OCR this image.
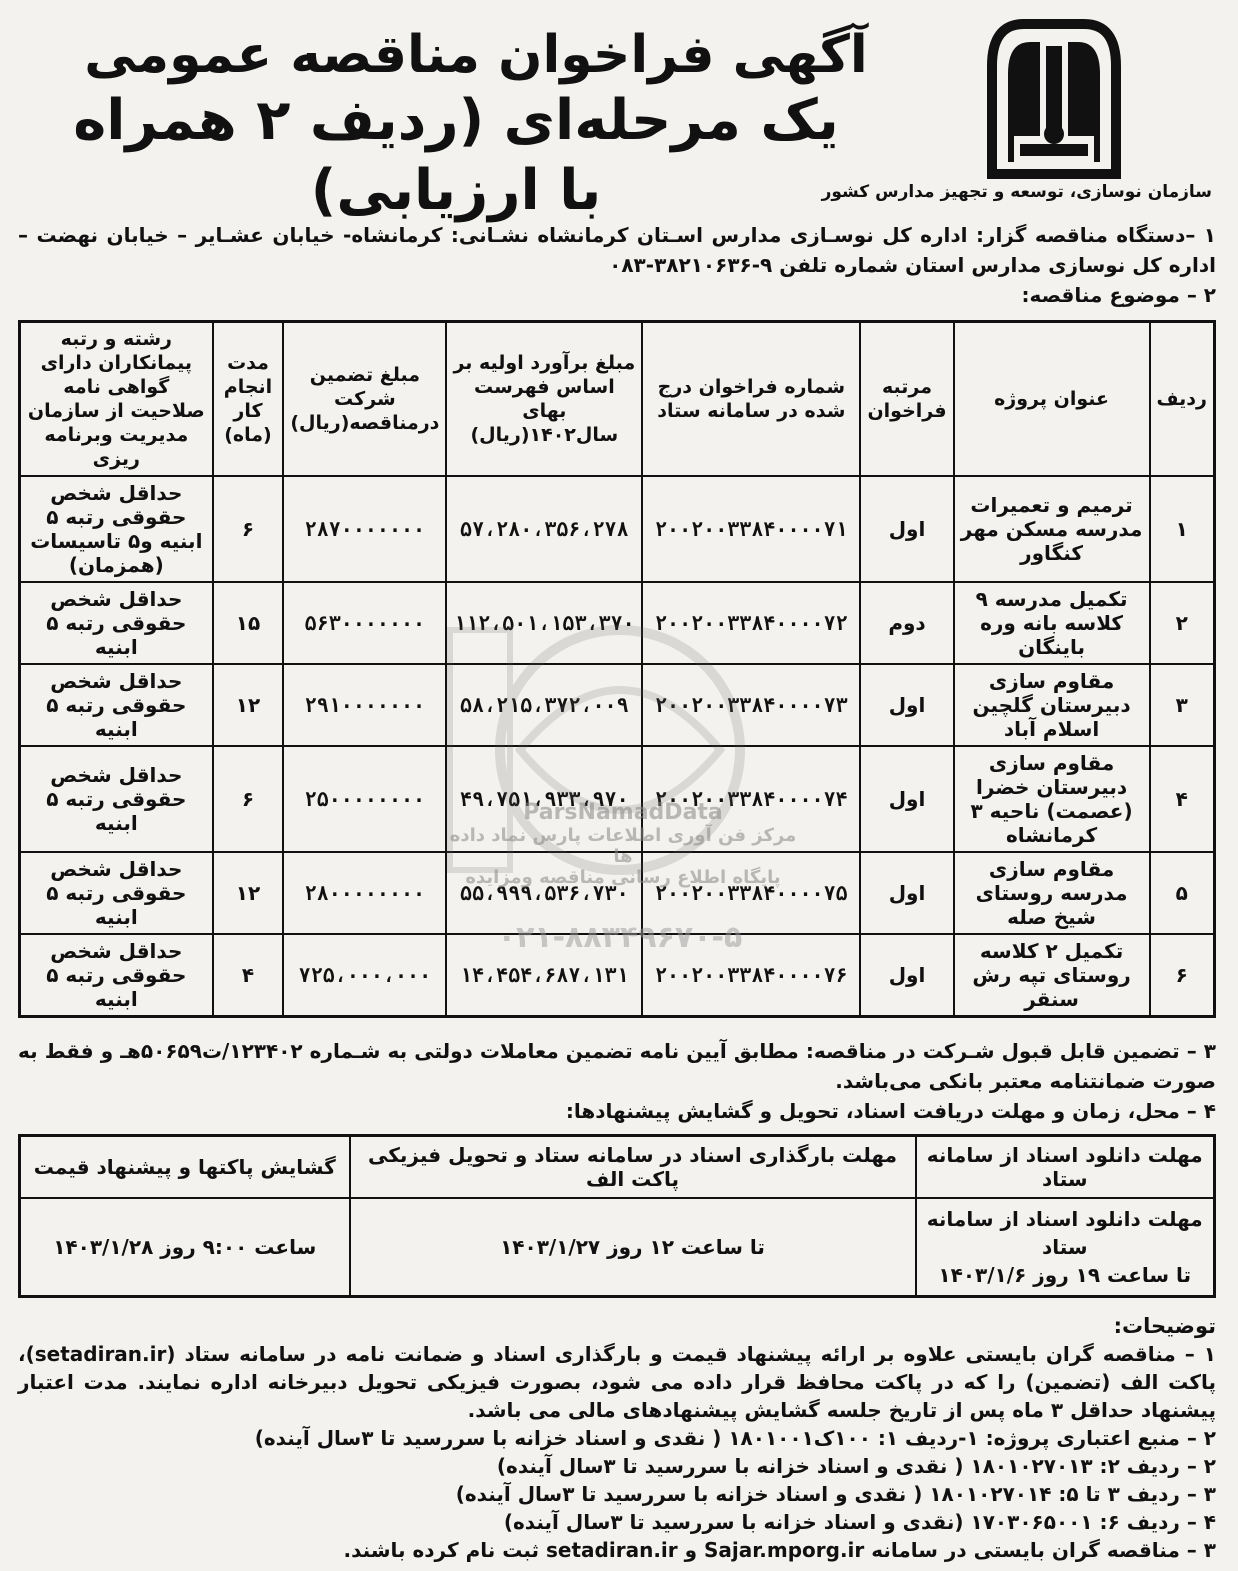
آگهی فراخوان مناقصه عمومی
یک مرحله‌ای (ردیف ۲ همراه با ارزیابی)	سازمان نوسازی، توسعه و تجهیز مدارس کشور
۱ –دستگاه مناقصه گزار: اداره کل نوسـازی مدارس اسـتان کرمانشاه نشـانی: کرمانشاه- خیابان عشـایر – خیابان نهضت – اداره کل نوسازی مدارس استان شماره تلفن ۹-۳۸۲۱۰۶۳۶-۰۸۳
۲ – موضوع مناقصه:
ردیف	عنوان پروژه	مرتبه فراخوان	شماره فراخوان درج شده در سامانه ستاد	مبلغ برآورد اولیه بر اساس فهرست بهای سال۱۴۰۲(ریال)	مبلغ تضمین شرکت درمناقصه(ریال)	مدت انجام کار (ماه)	رشته و رتبه پیمانکاران دارای گواهی نامه صلاحیت از سازمان مدیریت وبرنامه ریزی
۱	ترمیم و تعمیرات مدرسه مسکن مهر کنگاور	اول	۲۰۰۲۰۰۳۳۸۴۰۰۰۰۷۱	۵۷،۲۸۰،۳۵۶،۲۷۸	۲۸۷۰۰۰۰۰۰۰	۶	حداقل شخص حقوقی رتبه ۵ ابنیه و۵ تاسیسات (همزمان)
۲	تکمیل مدرسه ۹ کلاسه بانه وره باینگان	دوم	۲۰۰۲۰۰۳۳۸۴۰۰۰۰۷۲	۱۱۲،۵۰۱،۱۵۳،۳۷۰	۵۶۳۰۰۰۰۰۰۰	۱۵	حداقل شخص حقوقی رتبه ۵ ابنیه
۳	مقاوم سازی دبیرستان گلچین اسلام آباد	اول	۲۰۰۲۰۰۳۳۸۴۰۰۰۰۷۳	۵۸،۲۱۵،۳۷۲،۰۰۹	۲۹۱۰۰۰۰۰۰۰	۱۲	حداقل شخص حقوقی رتبه ۵ ابنیه
۴	مقاوم سازی دبیرستان خضرا (عصمت) ناحیه ۳ کرمانشاه	اول	۲۰۰۲۰۰۳۳۸۴۰۰۰۰۷۴	۴۹،۷۵۱،۹۳۳،۹۷۰	۲۵۰۰۰۰۰۰۰۰	۶	حداقل شخص حقوقی رتبه ۵ ابنیه
۵	مقاوم سازی مدرسه روستای شیخ صله	اول	۲۰۰۲۰۰۳۳۸۴۰۰۰۰۷۵	۵۵،۹۹۹،۵۳۶،۷۳۰	۲۸۰۰۰۰۰۰۰۰	۱۲	حداقل شخص حقوقی رتبه ۵ ابنیه
۶	تکمیل ۲ کلاسه روستای تپه رش سنقر	اول	۲۰۰۲۰۰۳۳۸۴۰۰۰۰۷۶	۱۴،۴۵۴،۶۸۷،۱۳۱	۷۲۵،۰۰۰،۰۰۰	۴	حداقل شخص حقوقی رتبه ۵ ابنیه
۳ – تضمین قابل قبول شـرکت در مناقصه: مطابق آیین نامه تضمین معاملات دولتی به شـماره ۱۲۳۴۰۲/ت۵۰۶۵۹هـ و فقط به صورت ضمانتنامه معتبر بانکی می‌باشد.
۴ – محل، زمان و مهلت دریافت اسناد، تحویل و گشایش پیشنهادها:
مهلت دانلود اسناد از سامانه ستاد	مهلت بارگذاری اسناد در سامانه ستاد و تحویل فیزیکی پاکت الف	گشایش پاکتها و پیشنهاد قیمت

مهلت دانلود اسناد از سامانه ستاد
تا ساعت ۱۹ روز ۱۴۰۳/۱/۶	تا ساعت ۱۲ روز ۱۴۰۳/۱/۲۷	ساعت ۹:۰۰ روز ۱۴۰۳/۱/۲۸
توضیحات:

۱ – مناقصه گران بایستی علاوه بر ارائه پیشنهاد قیمت و بارگذاری اسناد و ضمانت نامه در سامانه ستاد (setadiran.ir)، پاکت الف (تضمین) را که در پاکت محافظ قرار داده می شود، بصورت فیزیکی تحویل دبیرخانه اداره نمایند. مدت اعتبار پیشنهاد حداقل ۳ ماه پس از تاریخ جلسه گشایش پیشنهادهای مالی می باشد.

۲ – منبع اعتباری پروژه: ۱-ردیف ۱: ۱۰۰ک۱۸۰۱۰۰۱ ( نقدی و اسناد خزانه با سررسید تا ۳سال آینده)

۲ – ردیف ۲: ۱۸۰۱۰۲۷۰۱۳ ( نقدی و اسناد خزانه با سررسید تا ۳سال آینده)

۳ – ردیف ۳ تا ۵: ۱۸۰۱۰۲۷۰۱۴ ( نقدی و اسناد خزانه با سررسید تا ۳سال آینده)

۴ – ردیف ۶: ۱۷۰۳۰۶۵۰۰۱ (نقدی و اسناد خزانه با سررسید تا ۳سال آینده)

۳ – مناقصه گران بایستی در سامانه Sajar.mporg.ir و setadiran.ir ثبت نام کرده باشند.

ParsNamadData
مرکز فن آوری اطلاعات پارس نماد داده ها
پایگاه اطلاع رسانی مناقصه ومزایده
۰۲۱-۸۸۳۴۹۶۷۰-۵
